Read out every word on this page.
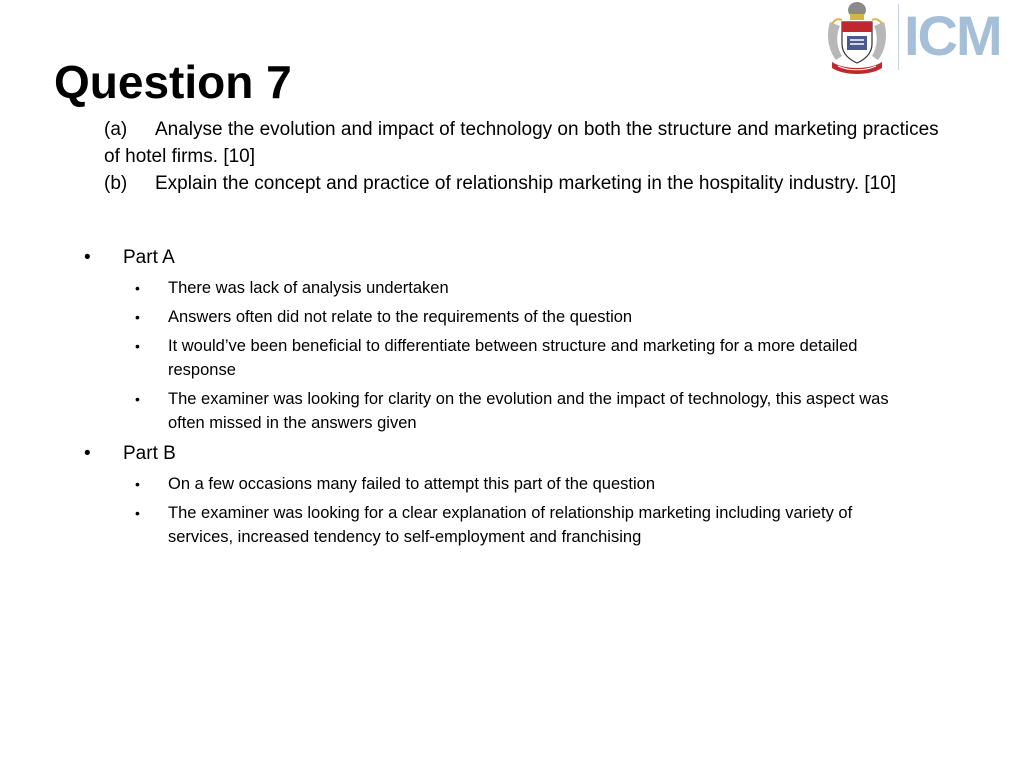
ICM
Question 7

(a) Analyse the evolution and impact of technology on both the structure and marketing practices of hotel firms. [10]

(b) Explain the concept and practice of relationship marketing in the hospitality industry. [10]

• Part A
• There was lack of analysis undertaken
• Answers often did not relate to the requirements of the question
• It would’ve been beneficial to differentiate between structure and marketing for a more detailed response
• The examiner was looking for clarity on the evolution and the impact of technology, this aspect was often missed in the answers given
• Part B
• On a few occasions many failed to attempt this part of the question
• The examiner was looking for a clear explanation of relationship marketing including variety of services, increased tendency to self-employment and franchising
